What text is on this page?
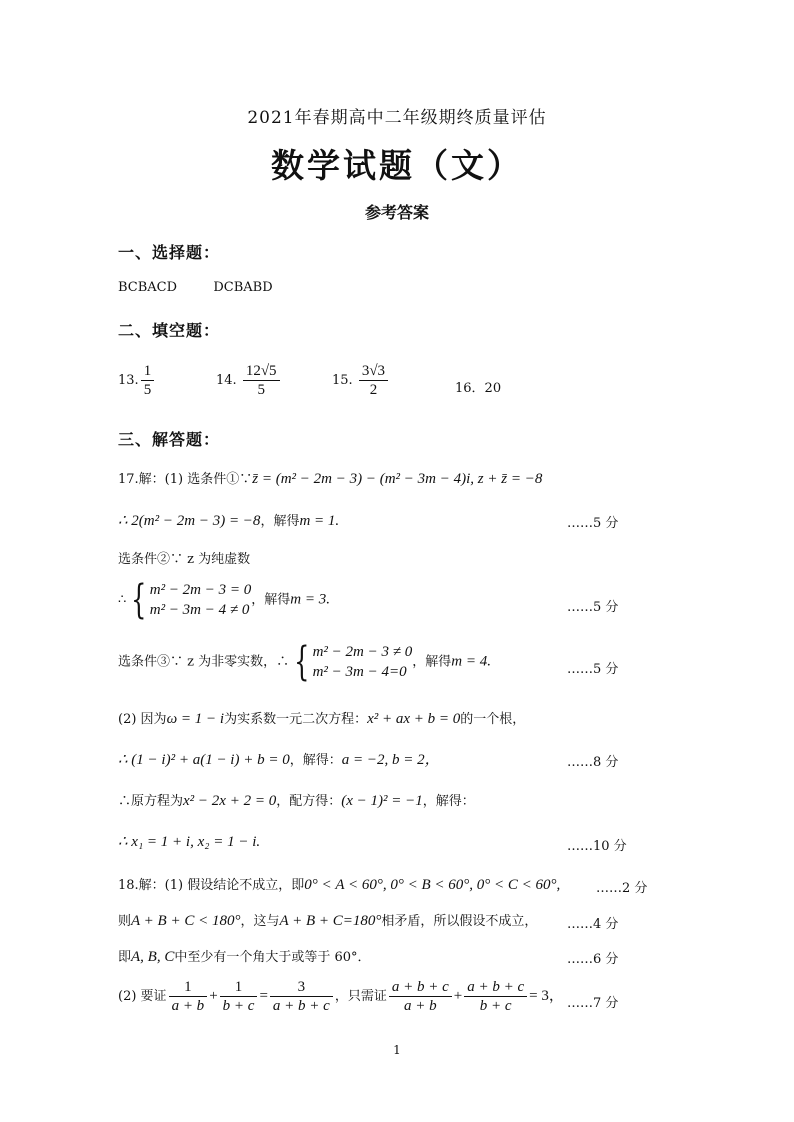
2021年春期高中二年级期终质量评估
数学试题（文）
参考答案
一、选择题：
BCBACD	DCBABD
二、填空题：
13. $\frac{1}{5}$	14. $\frac{12√5}{5}$	15. $\frac{3√3}{2}$	16．20
三、解答题：
17.解：(1) 选条件①∵z̄ = (m² − 2m − 3) − (m² − 3m − 4)i, z + z̄ = −8
∴ 2(m² − 2m − 3) = −8，解得m = 1.	……5 分
选条件②∵ z 为纯虚数
∴ { m² − 2m − 3 = 0
m² − 3m − 4 ≠ 0
，解得m = 3.	……5 分
选条件③∵ z 为非零实数，∴ { m² − 2m − 3 ≠ 0
m² − 3m − 4=0
，解得m = 4.	……5 分
(2) 因为ω = 1 − i为实系数一元二次方程：x² + ax + b = 0的一个根，
∴ (1 − i)² + a(1 − i) + b = 0，解得：a = −2, b = 2，	……8 分
∴原方程为x² − 2x + 2 = 0，配方得：(x − 1)² = −1，解得：
∴ x₁ = 1 + i, x₂ = 1 − i.	……10 分
18.解：(1) 假设结论不成立，即0° < A < 60°, 0° < B < 60°, 0° < C < 60°,	……2 分
则A + B + C < 180°，这与A + B + C=180°相矛盾，所以假设不成立， ……4 分
即A, B, C中至少有一个角大于或等于 60°．	……6 分
(2) 要证 $\frac{1}{a + b} + \frac{1}{b + c} = \frac{3}{a + b + c}$ ，只需证 $\frac{a + b + c}{a + b} + \frac{a + b + c}{b + c} = 3$， ……7 分
1
